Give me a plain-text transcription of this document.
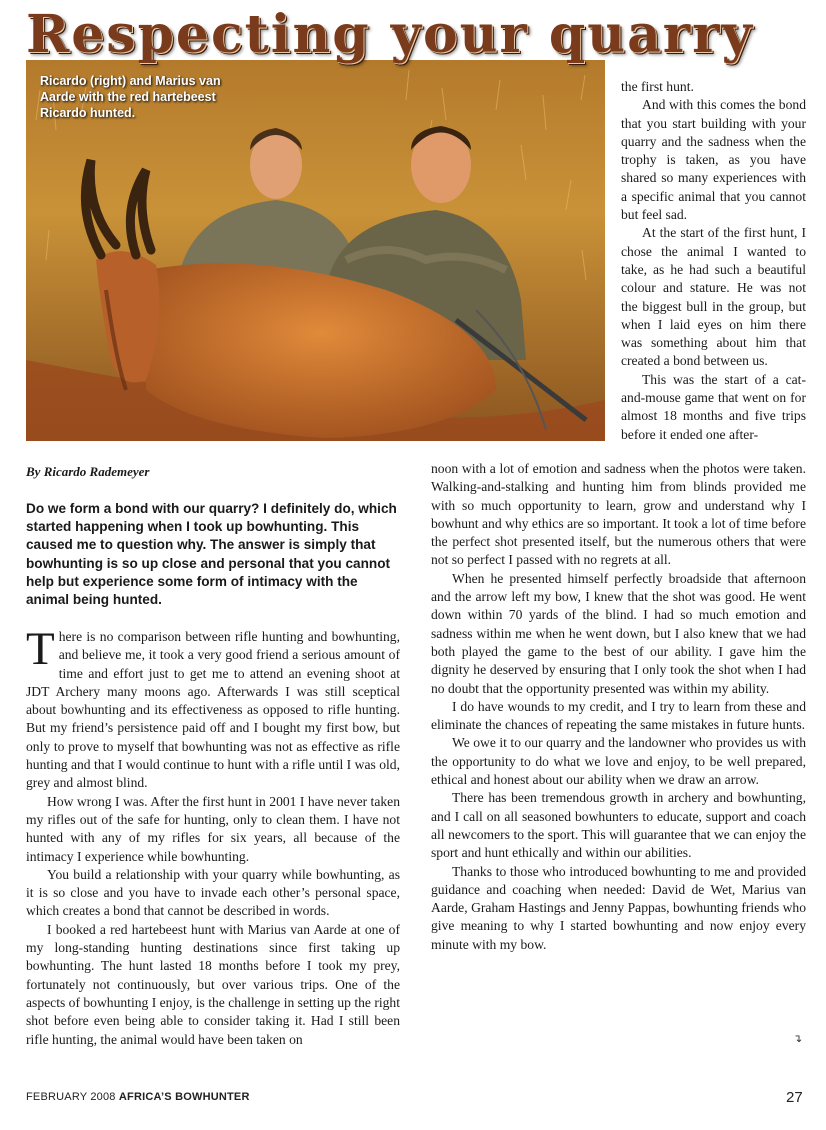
Respecting your quarry
Ricardo (right) and Marius van Aarde with the red hartebeest Ricardo hunted.

the first hunt.

And with this comes the bond that you start building with your quarry and the sadness when the trophy is taken, as you have shared so many experiences with a specific animal that you cannot but feel sad.

At the start of the first hunt, I chose the animal I wanted to take, as he had such a beautiful colour and stature. He was not the biggest bull in the group, but when I laid eyes on him there was something about him that created a bond between us.

This was the start of a cat-and-mouse game that went on for almost 18 months and five trips before it ended one after-

By Ricardo Rademeyer
Do we form a bond with our quarry? I definitely do, which started happening when I took up bowhunting. This caused me to question why. The answer is simply that bowhunting is so up close and personal that you cannot help but experience some form of intimacy with the animal being hunted.

There is no comparison between rifle hunting and bowhunting, and believe me, it took a very good friend a serious amount of time and effort just to get me to attend an evening shoot at JDT Archery many moons ago. Afterwards I was still sceptical about bowhunting and its effectiveness as opposed to rifle hunting. But my friend’s persistence paid off and I bought my first bow, but only to prove to myself that bowhunting was not as effective as rifle hunting and that I would continue to hunt with a rifle until I was old, grey and almost blind.

How wrong I was. After the first hunt in 2001 I have never taken my rifles out of the safe for hunting, only to clean them. I have not hunted with any of my rifles for six years, all because of the intimacy I experience while bowhunting.

You build a relationship with your quarry while bowhunting, as it is so close and you have to invade each other’s personal space, which creates a bond that cannot be described in words.

I booked a red hartebeest hunt with Marius van Aarde at one of my long-standing hunting destinations since first taking up bowhunting. The hunt lasted 18 months before I took my prey, fortunately not continuously, but over various trips. One of the aspects of bowhunting I enjoy, is the challenge in setting up the right shot before even being able to consider taking it. Had I still been rifle hunting, the animal would have been taken on

noon with a lot of emotion and sadness when the photos were taken. Walking-and-stalking and hunting him from blinds provided me with so much opportunity to learn, grow and understand why I bowhunt and why ethics are so important. It took a lot of time before the perfect shot presented itself, but the numerous others that were not so perfect I passed with no regrets at all.

When he presented himself perfectly broadside that afternoon and the arrow left my bow, I knew that the shot was good. He went down within 70 yards of the blind. I had so much emotion and sadness within me when he went down, but I also knew that we had both played the game to the best of our ability. I gave him the dignity he deserved by ensuring that I only took the shot when I had no doubt that the opportunity presented was within my ability.

I do have wounds to my credit, and I try to learn from these and eliminate the chances of repeating the same mistakes in future hunts.

We owe it to our quarry and the landowner who provides us with the opportunity to do what we love and enjoy, to be well prepared, ethical and honest about our ability when we draw an arrow.

There has been tremendous growth in archery and bowhunting, and I call on all seasoned bowhunters to educate, support and coach all newcomers to the sport. This will guarantee that we can enjoy the sport and hunt ethically and within our abilities.

Thanks to those who introduced bowhunting to me and provided guidance and coaching when needed: David de Wet, Marius van Aarde, Graham Hastings and Jenny Pappas, bowhunting friends who give meaning to why I started bowhunting and now enjoy every minute with my bow.

↴
FEBRUARY 2008 AFRICA’S BOWHUNTER	27
